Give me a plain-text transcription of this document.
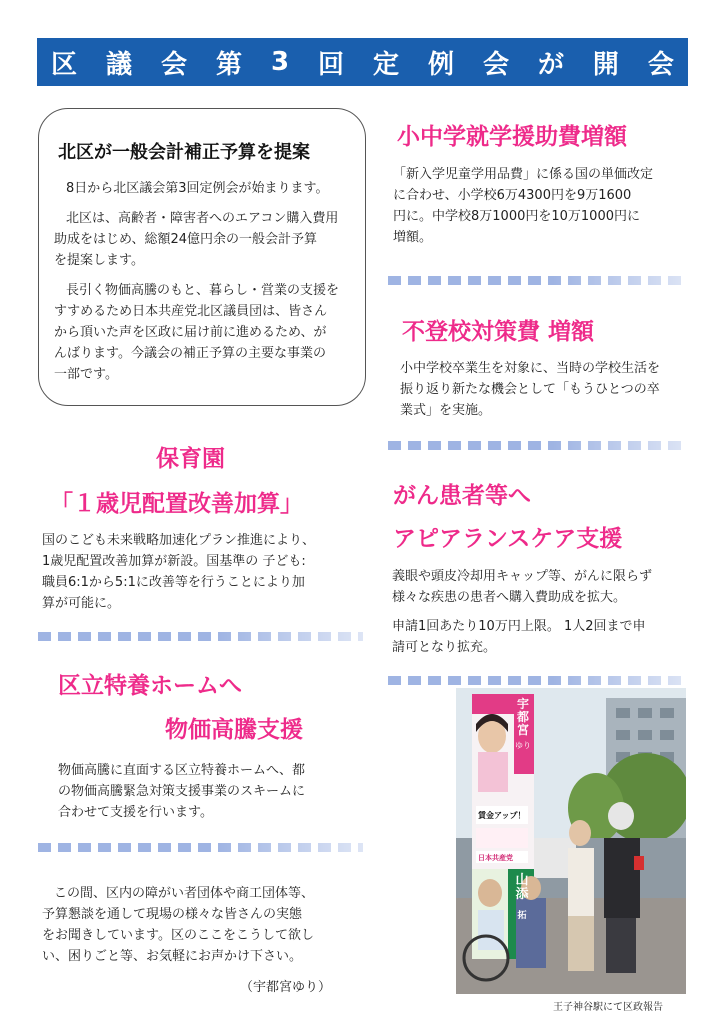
区 議 会 第 3 回 定 例 会 が 開 会
北区が一般会計補正予算を提案
8日から北区議会第3回定例会が始まります。
北区は、高齢者・障害者へのエアコン購入費用
助成をはじめ、総額24億円余の一般会計予算
を提案します。
長引く物価高騰のもと、暮らし・営業の支援を
すすめるため日本共産党北区議員団は、皆さん
から頂いた声を区政に届け前に進めるため、が
んばります。今議会の補正予算の主要な事業の
一部です。
保育園
「１歳児配置改善加算」
国のこども未来戦略加速化プラン推進により、
1歳児配置改善加算が新設。国基準の 子ども:
職員6:1から5:1に改善等を行うことにより加
算が可能に。
区立特養ホームへ
物価高騰支援
物価高騰に直面する区立特養ホームへ、都
の物価高騰緊急対策支援事業のスキームに
合わせて支援を行います。
この間、区内の障がい者団体や商工団体等、
予算懇談を通して現場の様々な皆さんの実態
をお聞きしています。区のここをこうして欲し
い、困りごと等、お気軽にお声かけ下さい。
（宇都宮ゆり）
小中学就学援助費増額
「新入学児童学用品費」に係る国の単価改定
に合わせ、小学校6万4300円を9万1600
円に。中学校8万1000円を10万1000円に
増額。
不登校対策費 増額
小中学校卒業生を対象に、当時の学校生活を
振り返り新たな機会として「もうひとつの卒
業式」を実施。
がん患者等へ
アピアランスケア支援
義眼や頭皮冷却用キャップ等、がんに限らず
様々な疾患の患者へ購入費助成を拡大。
申請1回あたり10万円上限。 1人2回まで申
請可となり拡充。
宇都宮
ゆり
賃金アップ！
日本共産党
山添
拓
王子神谷駅にて区政報告
